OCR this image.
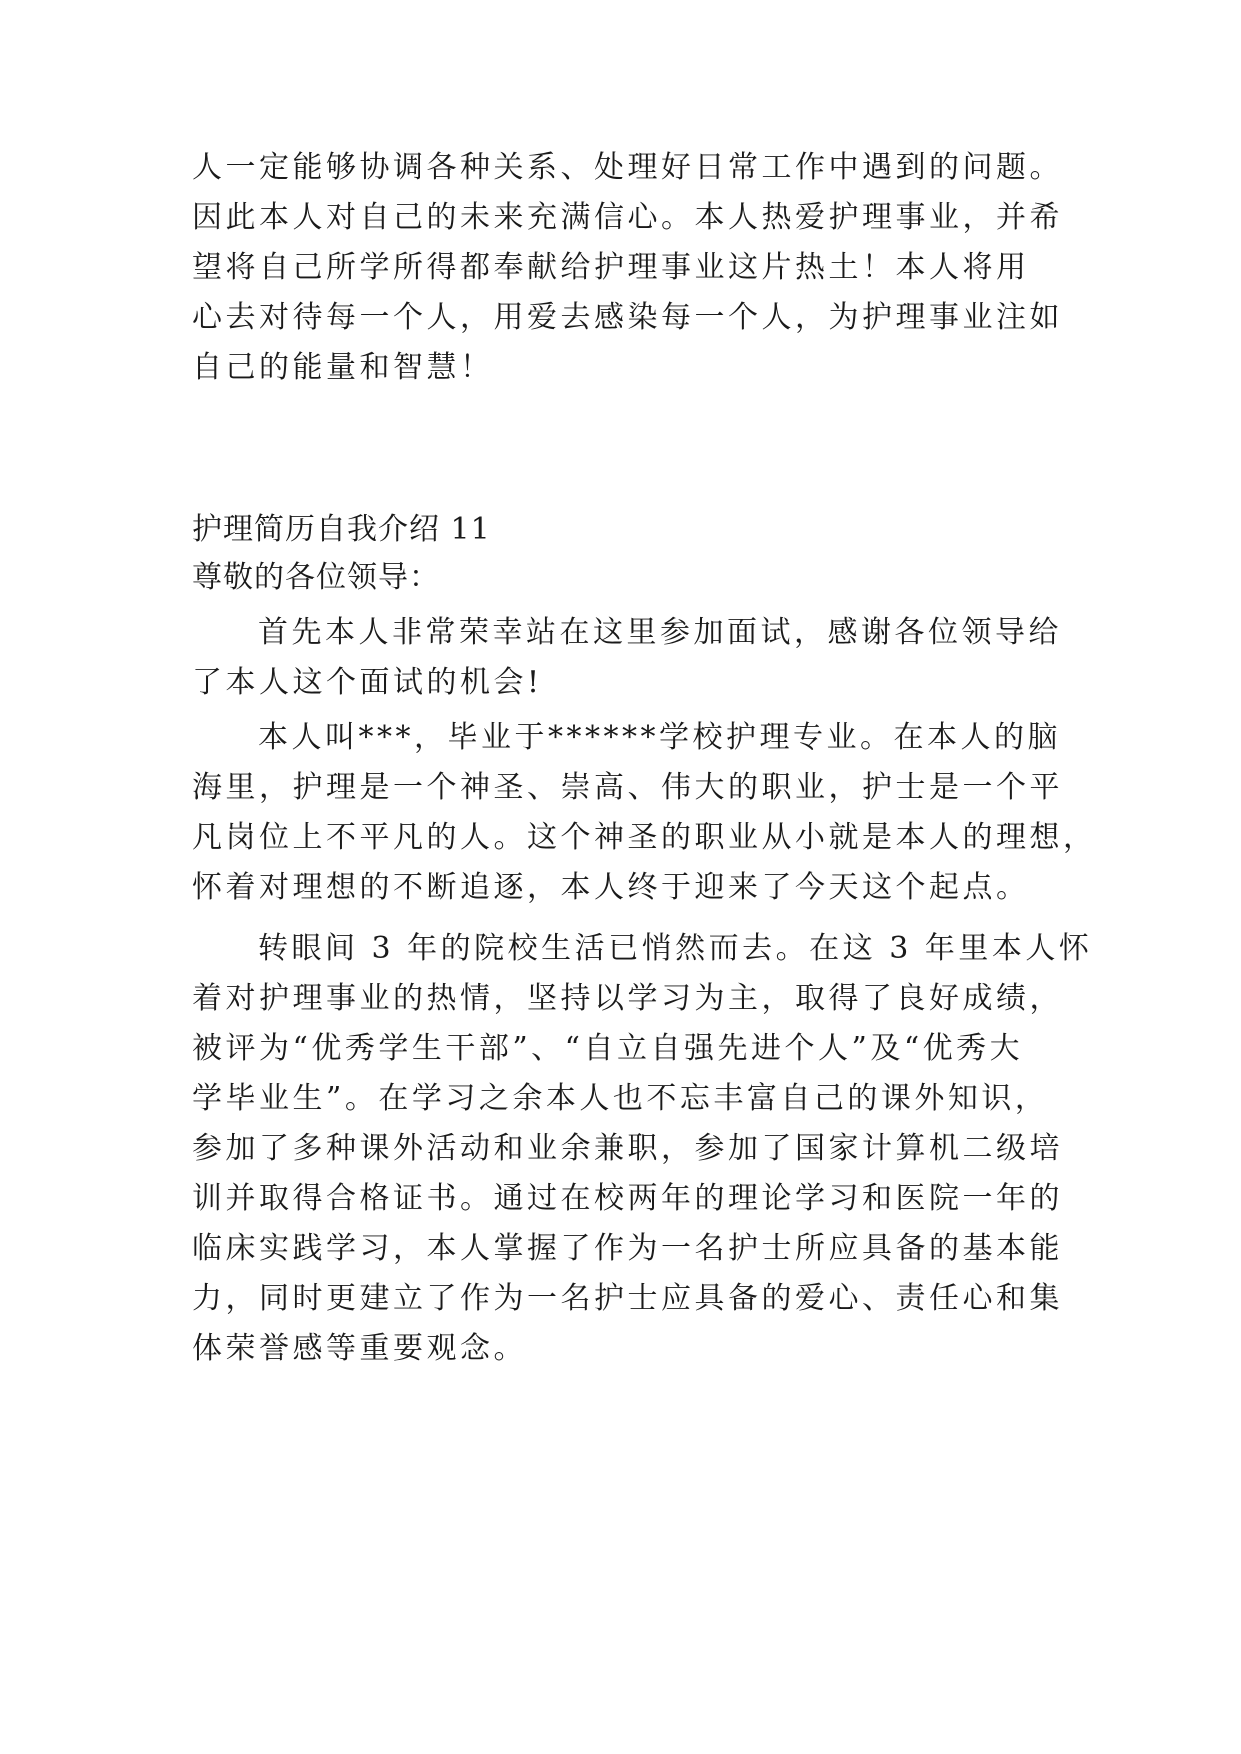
人一定能够协调各种关系、处理好日常工作中遇到的问题。
因此本人对自己的未来充满信心。本人热爱护理事业，并希
望将自己所学所得都奉献给护理事业这片热土！本人将用
心去对待每一个人，用爱去感染每一个人，为护理事业注如
自己的能量和智慧！
护理简历自我介绍 11
尊敬的各位领导：
首先本人非常荣幸站在这里参加面试，感谢各位领导给
了本人这个面试的机会!
本人叫***，毕业于******学校护理专业。在本人的脑
海里，护理是一个神圣、崇高、伟大的职业，护士是一个平
凡岗位上不平凡的人。这个神圣的职业从小就是本人的理想，
怀着对理想的不断追逐，本人终于迎来了今天这个起点。
转眼间 3 年的院校生活已悄然而去。在这 3 年里本人怀
着对护理事业的热情，坚持以学习为主，取得了良好成绩，
被评为“优秀学生干部”、“自立自强先进个人”及“优秀大
学毕业生”。在学习之余本人也不忘丰富自己的课外知识，
参加了多种课外活动和业余兼职，参加了国家计算机二级培
训并取得合格证书。通过在校两年的理论学习和医院一年的
临床实践学习，本人掌握了作为一名护士所应具备的基本能
力，同时更建立了作为一名护士应具备的爱心、责任心和集
体荣誉感等重要观念。
